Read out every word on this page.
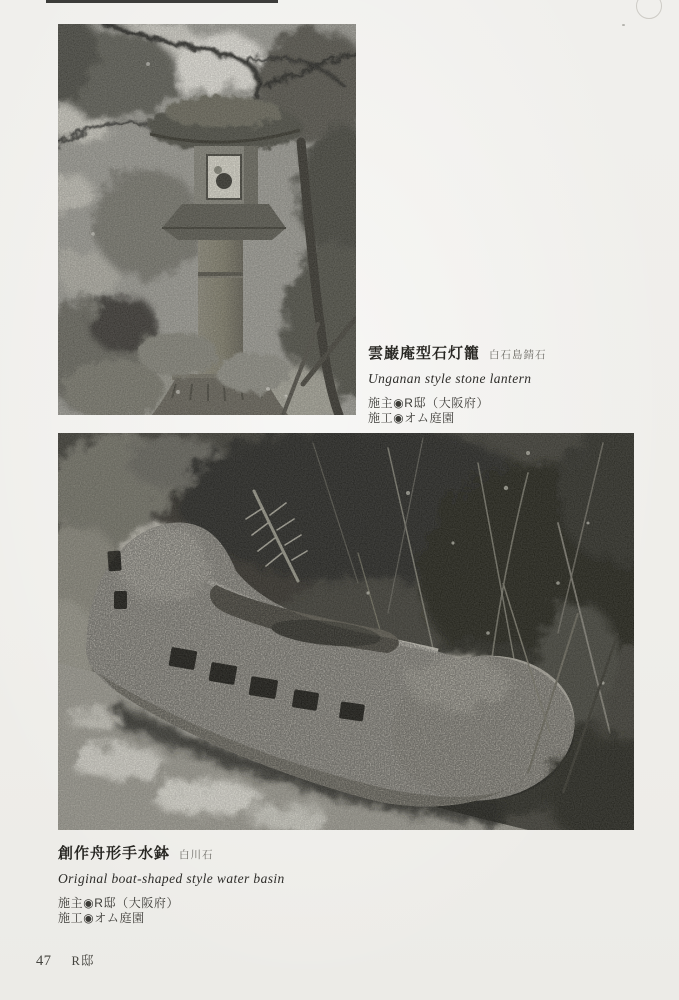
雲巌庵型石灯籠 白石島錆石
Unganan style stone lantern
施主◉R邸（大阪府）
施工◉オム庭園
創作舟形手水鉢 白川石
Original boat-shaped style water basin
施主◉R邸（大阪府）
施工◉オム庭園
47 R邸
